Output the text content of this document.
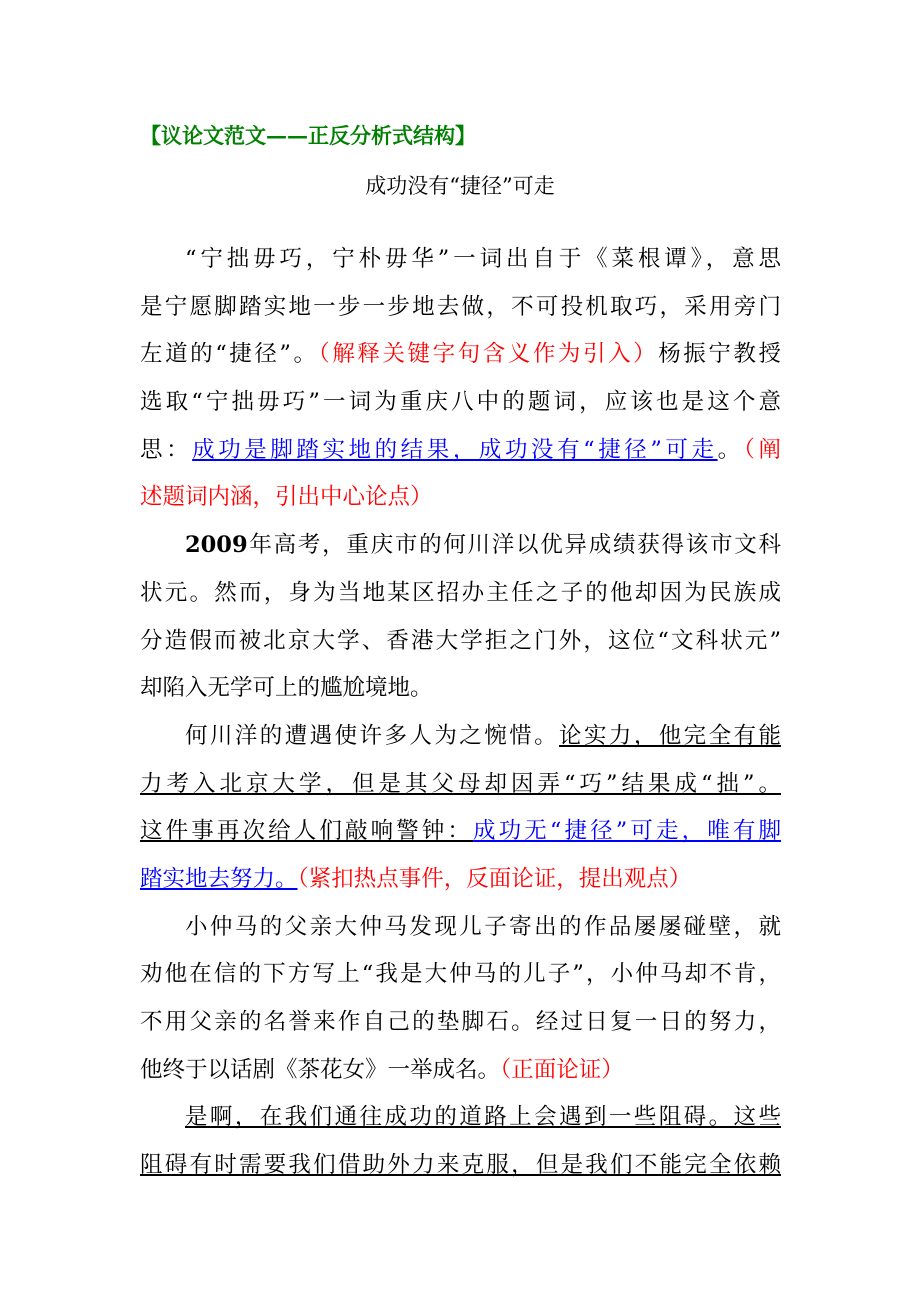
【议论文范文——正反分析式结构】
成功没有“捷径”可走
“宁拙毋巧，宁朴毋华”一词出自于《菜根谭》，意思
是宁愿脚踏实地一步一步地去做，不可投机取巧，采用旁门
左道的“捷径”。（解释关键字句含义作为引入）杨振宁教授
选取“宁拙毋巧”一词为重庆八中的题词，应该也是这个意
思：成功是脚踏实地的结果，成功没有“捷径”可走。（阐
述题词内涵，引出中心论点）
2009年高考，重庆市的何川洋以优异成绩获得该市文科
状元。然而，身为当地某区招办主任之子的他却因为民族成
分造假而被北京大学、香港大学拒之门外，这位“文科状元”
却陷入无学可上的尴尬境地。
何川洋的遭遇使许多人为之惋惜。论实力，他完全有能
力考入北京大学，但是其父母却因弄“巧”结果成“拙”。
这件事再次给人们敲响警钟：成功无“捷径”可走，唯有脚
踏实地去努力。（紧扣热点事件，反面论证，提出观点）
小仲马的父亲大仲马发现儿子寄出的作品屡屡碰壁，就
劝他在信的下方写上“我是大仲马的儿子”，小仲马却不肯，
不用父亲的名誉来作自己的垫脚石。经过日复一日的努力，
他终于以话剧《茶花女》一举成名。（正面论证）
是啊，在我们通往成功的道路上会遇到一些阻碍。这些
阻碍有时需要我们借助外力来克服，但是我们不能完全依赖
